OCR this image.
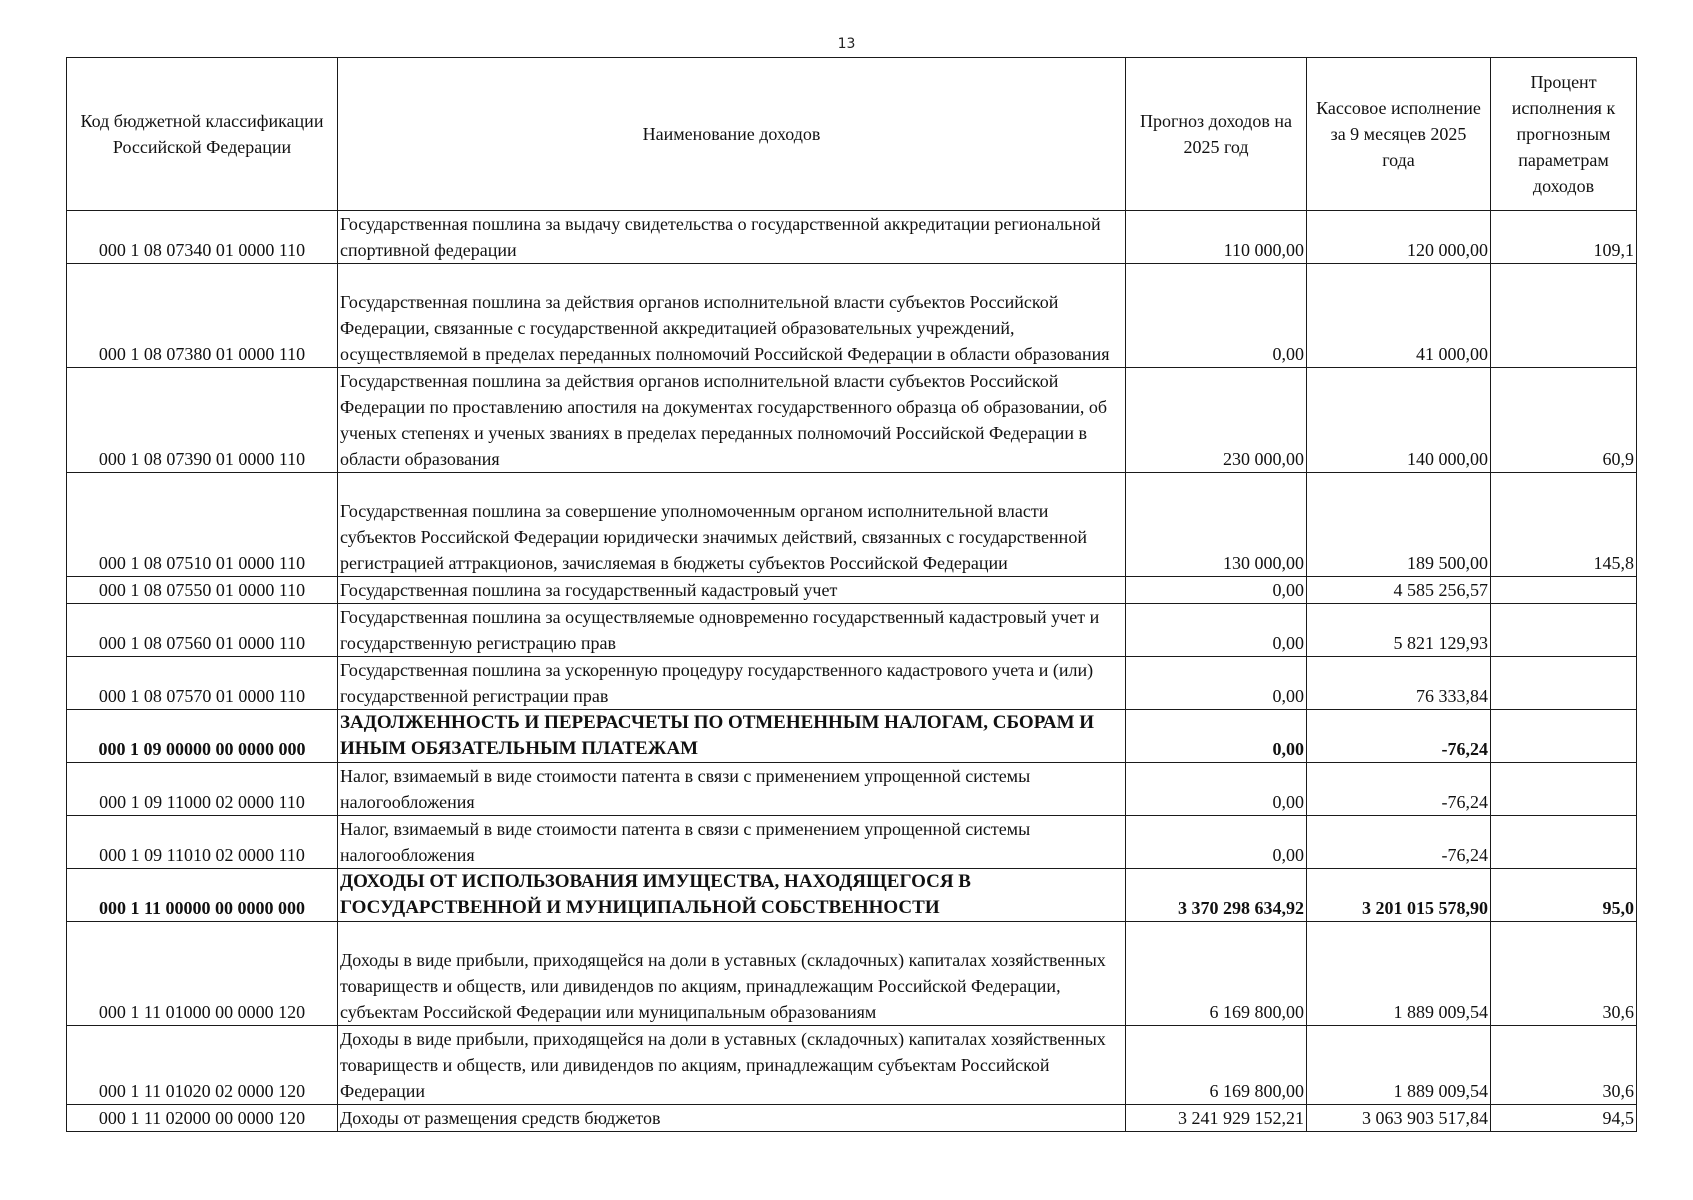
13
Код бюджетной классификации Российской Федерации	Наименование доходов	Прогноз доходов на 2025 год	Кассовое исполнение за 9 месяцев 2025 года	Процент исполнения к прогнозным параметрам доходов
000 1 08 07340 01 0000 110	Государственная пошлина за выдачу свидетельства о государственной аккредитации региональной спортивной федерации	110 000,00	120 000,00	109,1
000 1 08 07380 01 0000 110	Государственная пошлина за действия органов исполнительной власти субъектов Российской Федерации, связанные с государственной аккредитацией образовательных учреждений, осуществляемой в пределах переданных полномочий Российской Федерации в области образования	0,00	41 000,00	
000 1 08 07390 01 0000 110	Государственная пошлина за действия органов исполнительной власти субъектов Российской Федерации по проставлению апостиля на документах государственного образца об образовании, об ученых степенях и ученых званиях в пределах переданных полномочий Российской Федерации в области образования	230 000,00	140 000,00	60,9
000 1 08 07510 01 0000 110	Государственная пошлина за совершение уполномоченным органом исполнительной власти субъектов Российской Федерации юридически значимых действий, связанных с государственной регистрацией аттракционов, зачисляемая в бюджеты субъектов Российской Федерации	130 000,00	189 500,00	145,8
000 1 08 07550 01 0000 110	Государственная пошлина за государственный кадастровый учет	0,00	4 585 256,57	
000 1 08 07560 01 0000 110	Государственная пошлина за осуществляемые одновременно государственный кадастровый учет и государственную регистрацию прав	0,00	5 821 129,93	
000 1 08 07570 01 0000 110	Государственная пошлина за ускоренную процедуру государственного кадастрового учета и (или) государственной регистрации прав	0,00	76 333,84	
000 1 09 00000 00 0000 000	ЗАДОЛЖЕННОСТЬ И ПЕРЕРАСЧЕТЫ ПО ОТМЕНЕННЫМ НАЛОГАМ, СБОРАМ И ИНЫМ ОБЯЗАТЕЛЬНЫМ ПЛАТЕЖАМ	0,00	-76,24	
000 1 09 11000 02 0000 110	Налог, взимаемый в виде стоимости патента в связи с применением упрощенной системы налогообложения	0,00	-76,24	
000 1 09 11010 02 0000 110	Налог, взимаемый в виде стоимости патента в связи с применением упрощенной системы налогообложения	0,00	-76,24	
000 1 11 00000 00 0000 000	ДОХОДЫ ОТ ИСПОЛЬЗОВАНИЯ ИМУЩЕСТВА, НАХОДЯЩЕГОСЯ В ГОСУДАРСТВЕННОЙ И МУНИЦИПАЛЬНОЙ СОБСТВЕННОСТИ	3 370 298 634,92	3 201 015 578,90	95,0
000 1 11 01000 00 0000 120	Доходы в виде прибыли, приходящейся на доли в уставных (складочных) капиталах хозяйственных товариществ и обществ, или дивидендов по акциям, принадлежащим Российской Федерации, субъектам Российской Федерации или муниципальным образованиям	6 169 800,00	1 889 009,54	30,6
000 1 11 01020 02 0000 120	Доходы в виде прибыли, приходящейся на доли в уставных (складочных) капиталах хозяйственных товариществ и обществ, или дивидендов по акциям, принадлежащим субъектам Российской Федерации	6 169 800,00	1 889 009,54	30,6
000 1 11 02000 00 0000 120	Доходы от размещения средств бюджетов	3 241 929 152,21	3 063 903 517,84	94,5
